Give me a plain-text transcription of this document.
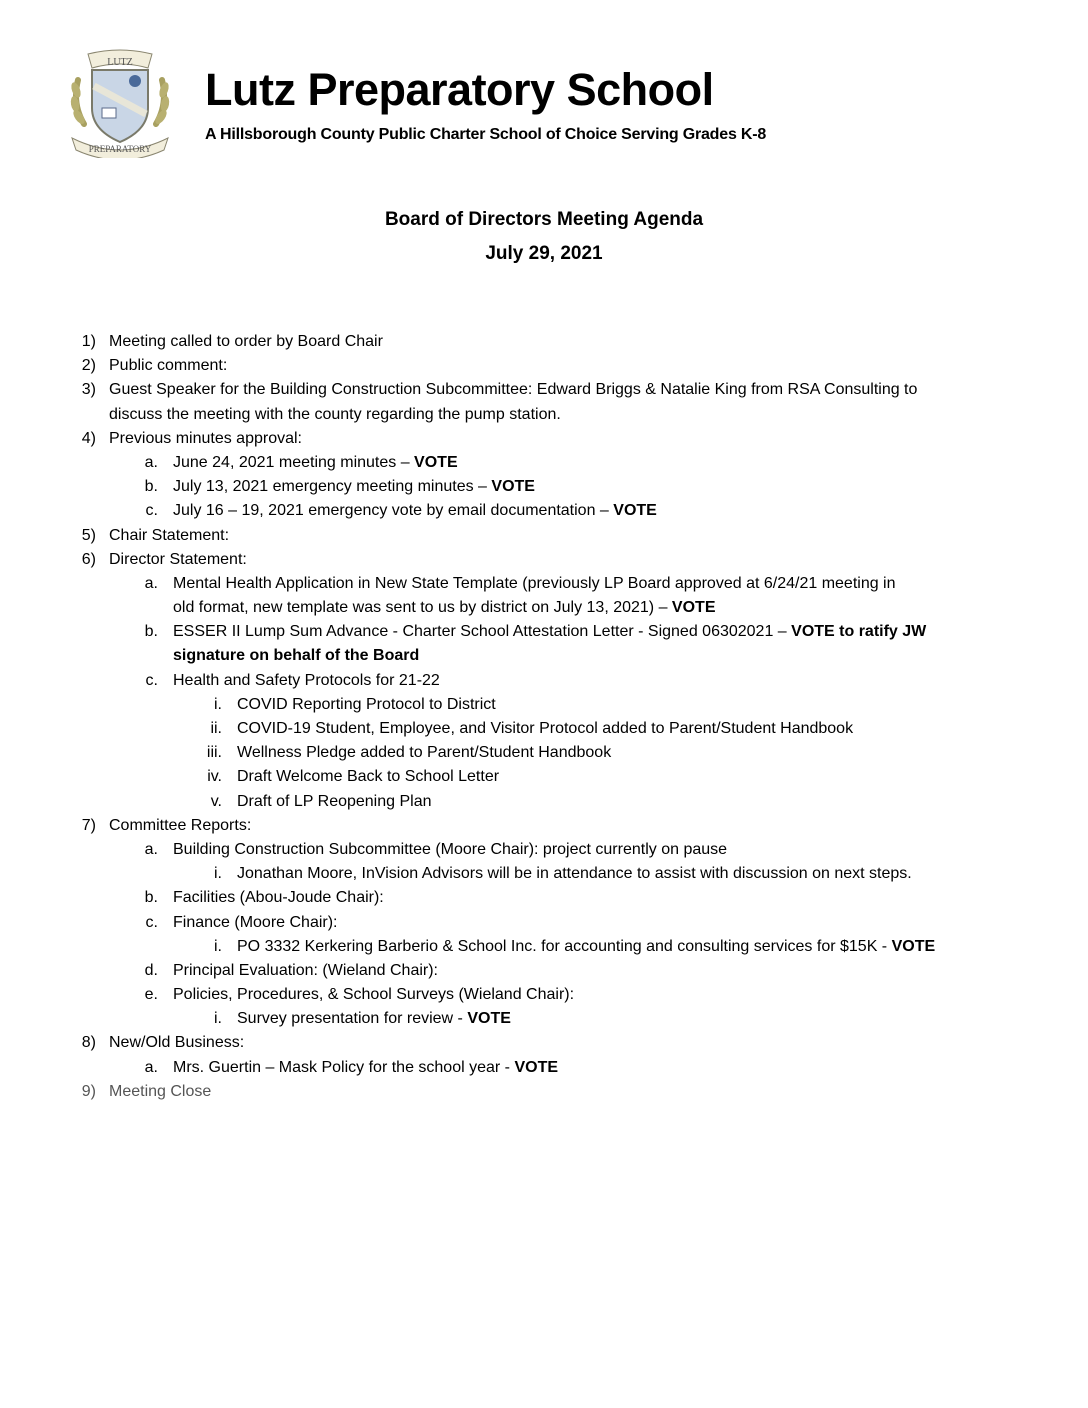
LUTZ
PREPARATORY
Lutz Preparatory School
A Hillsborough County Public Charter School of Choice Serving Grades K-8
Board of Directors Meeting Agenda
July 29, 2021
1) Meeting called to order by Board Chair
2) Public comment:
3) Guest Speaker for the Building Construction Subcommittee: Edward Briggs & Natalie King from RSA Consulting to
discuss the meeting with the county regarding the pump station.
4) Previous minutes approval:
a. June 24, 2021 meeting minutes – VOTE
b. July 13, 2021 emergency meeting minutes – VOTE
c. July 16 – 19, 2021 emergency vote by email documentation – VOTE
5) Chair Statement:
6) Director Statement:
a. Mental Health Application in New State Template (previously LP Board approved at 6/24/21 meeting in
old format, new template was sent to us by district on July 13, 2021) – VOTE
b. ESSER II Lump Sum Advance - Charter School Attestation Letter - Signed 06302021 – VOTE to ratify JW
signature on behalf of the Board
c. Health and Safety Protocols for 21-22
i. COVID Reporting Protocol to District
ii. COVID-19 Student, Employee, and Visitor Protocol added to Parent/Student Handbook
iii. Wellness Pledge added to Parent/Student Handbook
iv. Draft Welcome Back to School Letter
v. Draft of LP Reopening Plan
7) Committee Reports:
a. Building Construction Subcommittee (Moore Chair): project currently on pause
i. Jonathan Moore, InVision Advisors will be in attendance to assist with discussion on next steps.
b. Facilities (Abou-Joude Chair):
c. Finance (Moore Chair):
i. PO 3332 Kerkering Barberio & School Inc. for accounting and consulting services for $15K - VOTE
d. Principal Evaluation: (Wieland Chair):
e. Policies, Procedures, & School Surveys (Wieland Chair):
i. Survey presentation for review - VOTE
8) New/Old Business:
a. Mrs. Guertin – Mask Policy for the school year - VOTE
9) Meeting Close
